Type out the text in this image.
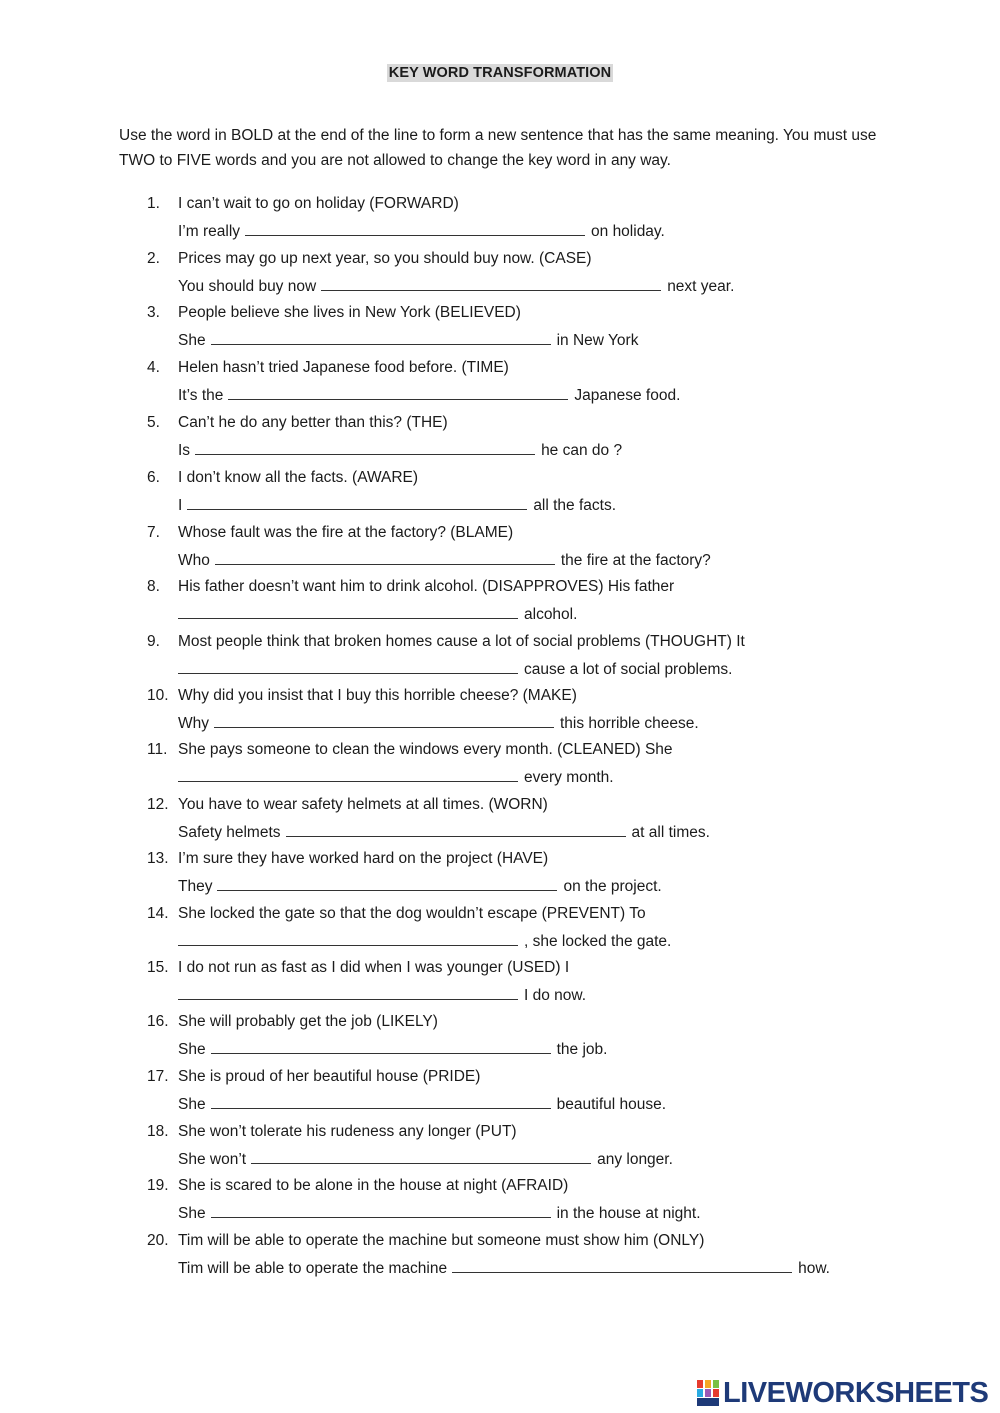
KEY WORD TRANSFORMATION
Use the word in BOLD at the end of the line to form a new sentence that has the same meaning. You must use TWO to FIVE words and you are not allowed to change the key word in any way.
1. I can’t wait to go on holiday (FORWARD)
I’m really	on holiday.
2. Prices may go up next year, so you should buy now. (CASE)
You should buy now	next year.
3. People believe she lives in New York (BELIEVED)
She	in New York
4. Helen hasn’t tried Japanese food before. (TIME)
It’s the	Japanese food.
5. Can’t he do any better than this? (THE)
Is	he can do ?
6. I don’t know all the facts. (AWARE)
I	all the facts.
7. Whose fault was the fire at the factory? (BLAME)
Who	the fire at the factory?
8. His father doesn’t want him to drink alcohol. (DISAPPROVES) His father
alcohol.
9. Most people think that broken homes cause a lot of social problems (THOUGHT) It
cause a lot of social problems.
10. Why did you insist that I buy this horrible cheese? (MAKE)
Why	this horrible cheese.
11. She pays someone to clean the windows every month. (CLEANED) She
every month.
12. You have to wear safety helmets at all times. (WORN)
Safety helmets	at all times.
13. I’m sure they have worked hard on the project (HAVE)
They	on the project.
14. She locked the gate so that the dog wouldn’t escape (PREVENT) To
, she locked the gate.
15. I do not run as fast as I did when I was younger (USED) I
I do now.
16. She will probably get the job (LIKELY)
She	the job.
17. She is proud of her beautiful house (PRIDE)
She	beautiful house.
18. She won’t tolerate his rudeness any longer (PUT)
She won’t	any longer.
19. She is scared to be alone in the house at night (AFRAID)
She	in the house at night.
20. Tim will be able to operate the machine but someone must show him (ONLY)
Tim will be able to operate the machine	how.
LIVEWORKSHEETS
